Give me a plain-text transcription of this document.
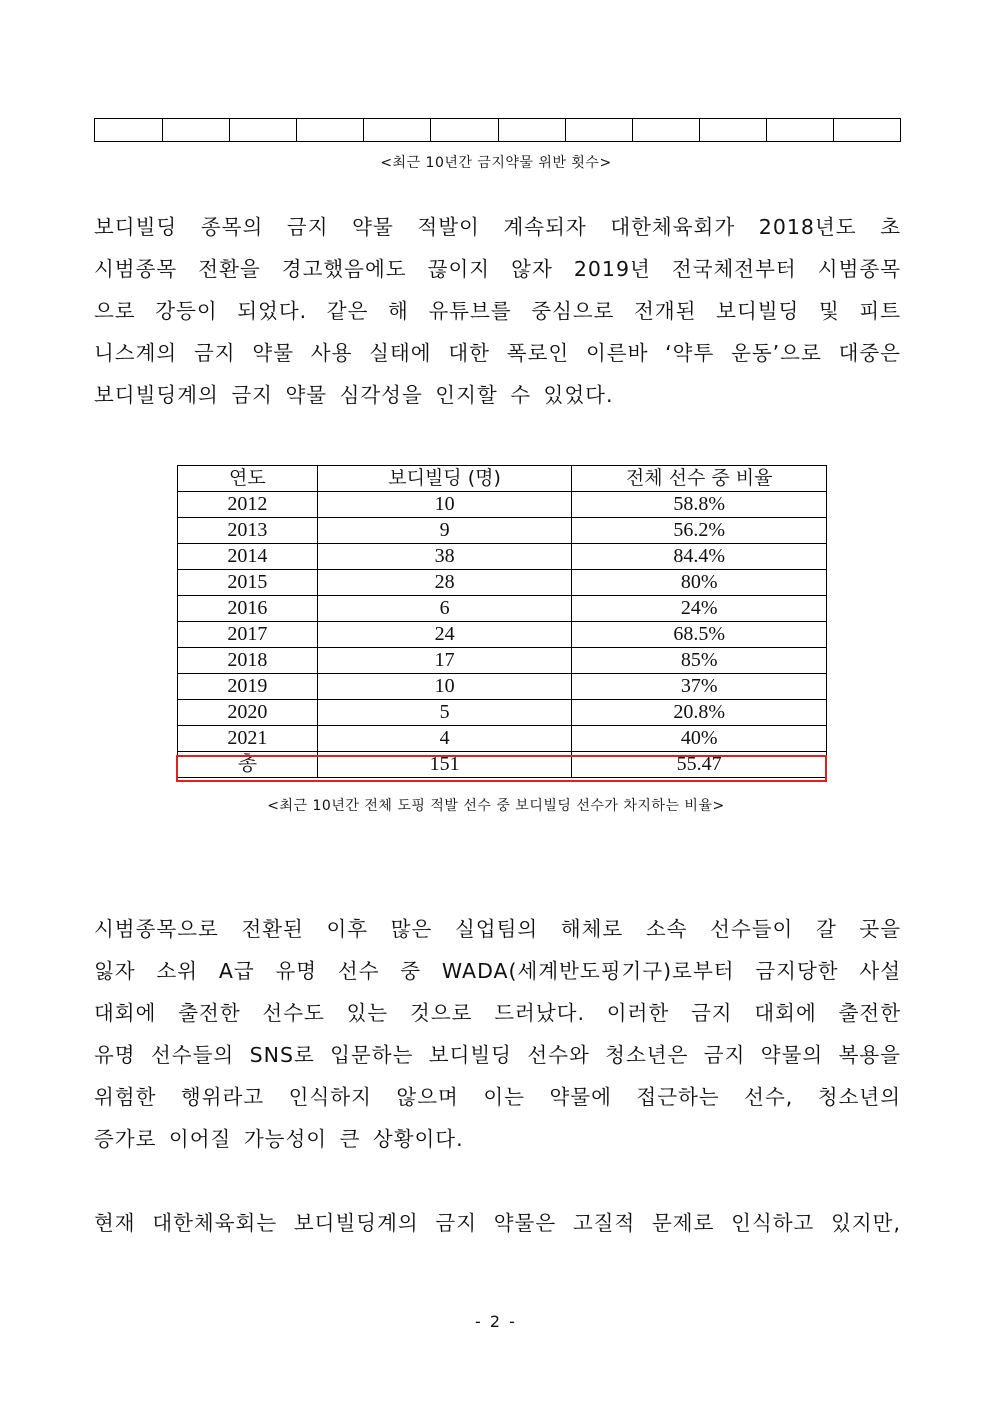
<최근 10년간 금지약물 위반 횟수>
보디빌딩 종목의 금지 약물 적발이 계속되자 대한체육회가 2018년도 초
시범종목 전환을 경고했음에도 끊이지 않자 2019년 전국체전부터 시범종목
으로 강등이 되었다. 같은 해 유튜브를 중심으로 전개된 보디빌딩 및 피트
니스계의 금지 약물 사용 실태에 대한 폭로인 이른바 ‘약투 운동’으로 대중은
보디빌딩계의 금지 약물 심각성을 인지할 수 있었다.
연도	보디빌딩 (명)	전체 선수 중 비율
2012	10	58.8%
2013	9	56.2%
2014	38	84.4%
2015	28	80%
2016	6	24%
2017	24	68.5%
2018	17	85%
2019	10	37%
2020	5	20.8%
2021	4	40%
총	151	55.47
<최근 10년간 전체 도핑 적발 선수 중 보디빌딩 선수가 차지하는 비율>
시범종목으로 전환된 이후 많은 실업팀의 해체로 소속 선수들이 갈 곳을
잃자 소위 A급 유명 선수 중 WADA(세계반도핑기구)로부터 금지당한 사설
대회에 출전한 선수도 있는 것으로 드러났다. 이러한 금지 대회에 출전한
유명 선수들의 SNS로 입문하는 보디빌딩 선수와 청소년은 금지 약물의 복용을
위험한 행위라고 인식하지 않으며 이는 약물에 접근하는 선수, 청소년의
증가로 이어질 가능성이 큰 상황이다.
현재 대한체육회는 보디빌딩계의 금지 약물은 고질적 문제로 인식하고 있지만,
- 2 -
